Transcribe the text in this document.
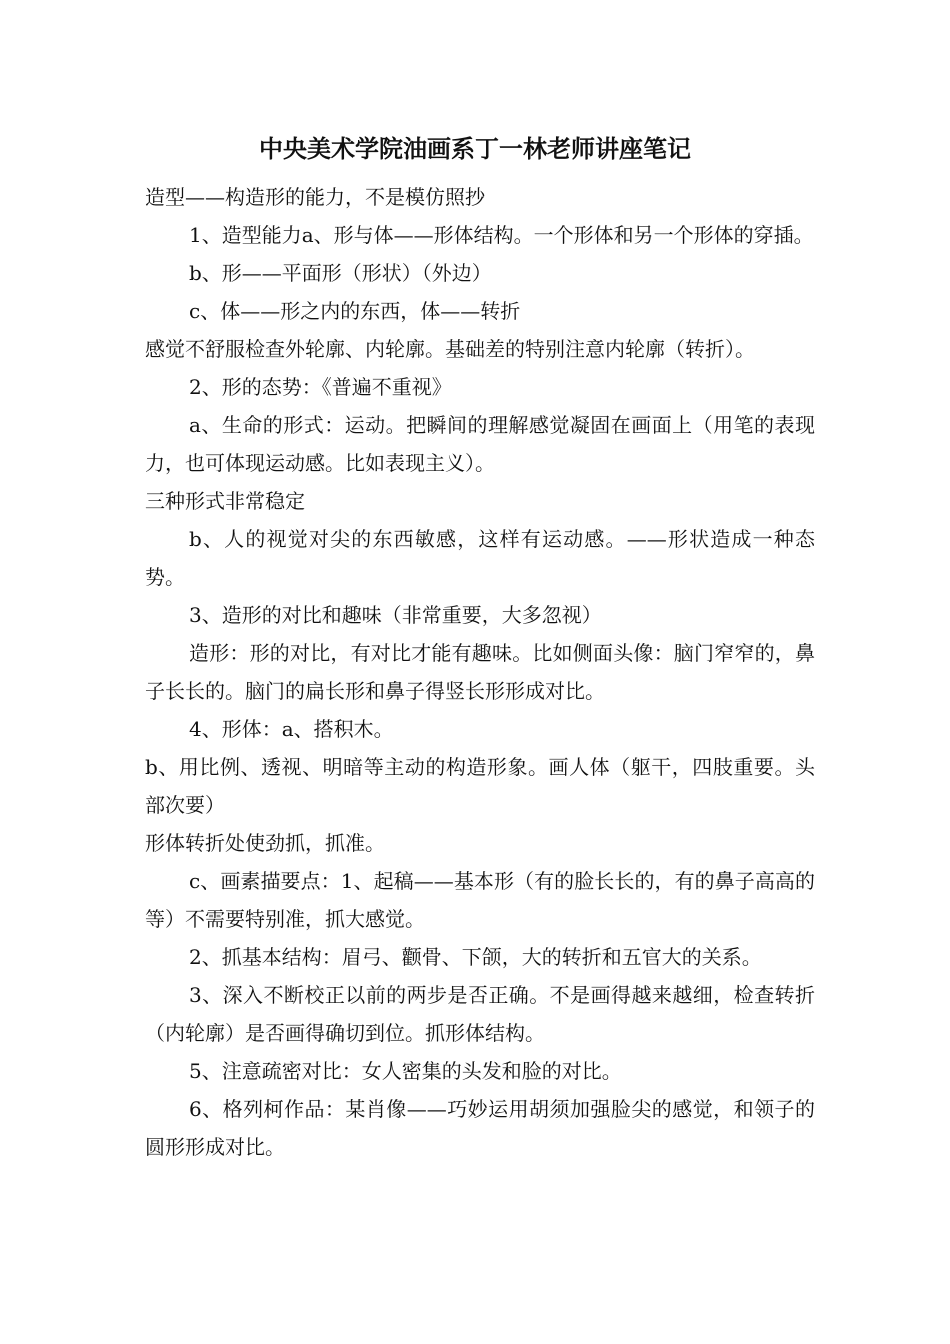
中央美术学院油画系丁一林老师讲座笔记

造型——构造形的能力，不是模仿照抄

1、造型能力a、形与体——形体结构。一个形体和另一个形体的穿插。

b、形——平面形（形状）（外边）

c、体——形之内的东西，体——转折

感觉不舒服检查外轮廓、内轮廓。基础差的特别注意内轮廓（转折）。

2、形的态势：《普遍不重视》

a、生命的形式：运动。把瞬间的理解感觉凝固在画面上（用笔的表现力，也可体现运动感。比如表现主义）。

三种形式非常稳定

b、人的视觉对尖的东西敏感，这样有运动感。——形状造成一种态势。

3、造形的对比和趣味（非常重要，大多忽视）

造形：形的对比，有对比才能有趣味。比如侧面头像：脑门窄窄的，鼻子长长的。脑门的扁长形和鼻子得竖长形形成对比。

4、形体：a、搭积木。

b、用比例、透视、明暗等主动的构造形象。画人体（躯干，四肢重要。头部次要）

形体转折处使劲抓，抓准。

c、画素描要点：1、起稿——基本形（有的脸长长的，有的鼻子高高的等）不需要特别准，抓大感觉。

2、抓基本结构：眉弓、颧骨、下颌，大的转折和五官大的关系。

3、深入不断校正以前的两步是否正确。不是画得越来越细，检查转折（内轮廓）是否画得确切到位。抓形体结构。

5、注意疏密对比：女人密集的头发和脸的对比。

6、格列柯作品：某肖像——巧妙运用胡须加强脸尖的感觉，和领子的圆形形成对比。
